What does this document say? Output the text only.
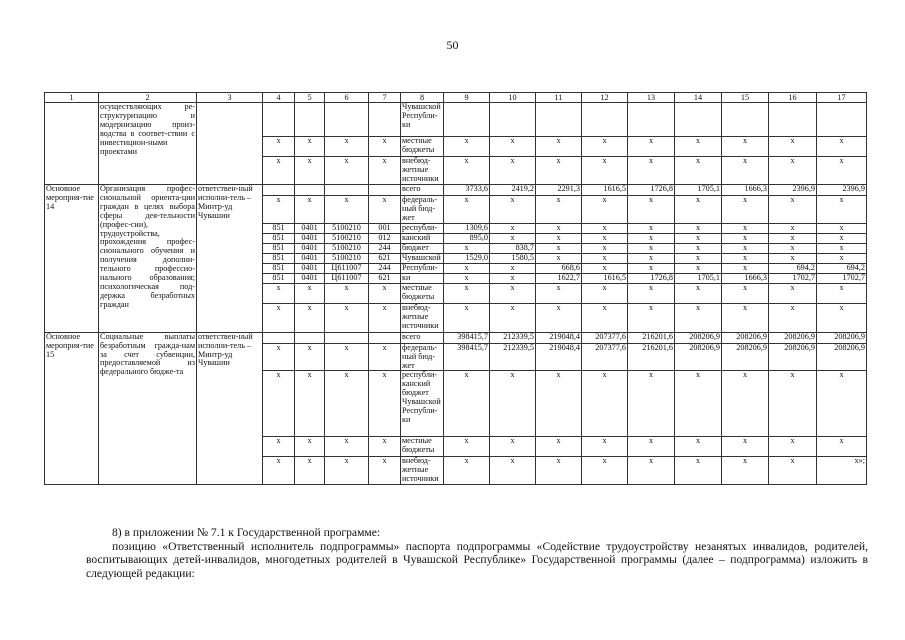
50
1	2	3	4	5	6	7	8	9	10	11	12	13	14	15	16	17
	осуществляющих ре-структуризацию и модернизацию произ-водства в соответ-ствии с инвестицион-ными проектами						Чувашской Республи-ки									
			x	x	x	x	местные бюджеты	x	x	x	x	x	x	x	x	x
			x	x	x	x	внебюд-жетные источники	x	x	x	x	x	x	x	x	x
Основное мероприя-тие 14	Организация профес-сиональной ориента-ции граждан в целях выбора сферы дея-тельности (профес-сии), трудоустройства, прохождения профес-сионального обучения и получения дополни-тельного профессио-нального образования; психологическая под-держка безработных граждан	ответствен-ный исполни-тель – Минтр-уд Чувашии					всего	3733,6	2419,2	2291,3	1616,5	1726,8	1705,1	1666,3	2396,9	2396,9
			x	x	x	x	федераль-ный бюд-жет	x	x	x	x	x	x	x	x	x
			851	0401	5100210	001	республи-	1309,6	x	x	x	x	x	x	x	x
			851	0401	5100210	012	канский	895,0	x	x	x	x	x	x	x	x
			851	0401	5100210	244	бюджет	x	838,7	x	x	x	x	x	x	x
			851	0401	5100210	621	Чувашской	1529,0	1580,5	x	x	x	x	x	x	x
			851	0401	Ц611007	244	Республи-	x	x	668,6	x	x	x	x	694,2	694,2
			851	0401	Ц611007	621	ки	x	x	1622,7	1616,5	1726,8	1705,1	1666,3	1702,7	1702,7
			x	x	x	x	местные бюджеты	x	x	x	x	x	x	x	x	x
			x	x	x	x	внебюд-жетные источники	x	x	x	x	x	x	x	x	x
Основное мероприя-тие 15	Социальные выплаты безработным гражда-нам за счет субвенции, предоставляемой из федерального бюдже-та	ответствен-ный исполни-тель – Минтр-уд Чувашии					всего	398415,7	212339,5	219048,4	207377,6	216201,6	208206,9	208206,9	208206,9	208206,9
			x	x	x	x	федераль-ный бюд-жет	398415,7	212339,5	219048,4	207377,6	216201,6	208206,9	208206,9	208206,9	208206,9
			x	x	x	x	республи-канский бюджет Чувашской Республи-ки	x	x	x	x	x	x	x	x	x
			x	x	x	x	местные бюджеты	x	x	x	x	x	x	x	x	x
			x	x	x	x	внебюд-жетные источники	x	x	x	x	x	x	x	x	x»;

8) в приложении № 7.1 к Государственной программе:

позицию «Ответственный исполнитель подпрограммы» паспорта подпрограммы «Содействие трудоустройству незанятых инвалидов, родителей, воспитывающих детей-инвалидов, многодетных родителей в Чувашской Республике» Государственной программы (далее – подпрограмма) изложить в следующей редакции:
